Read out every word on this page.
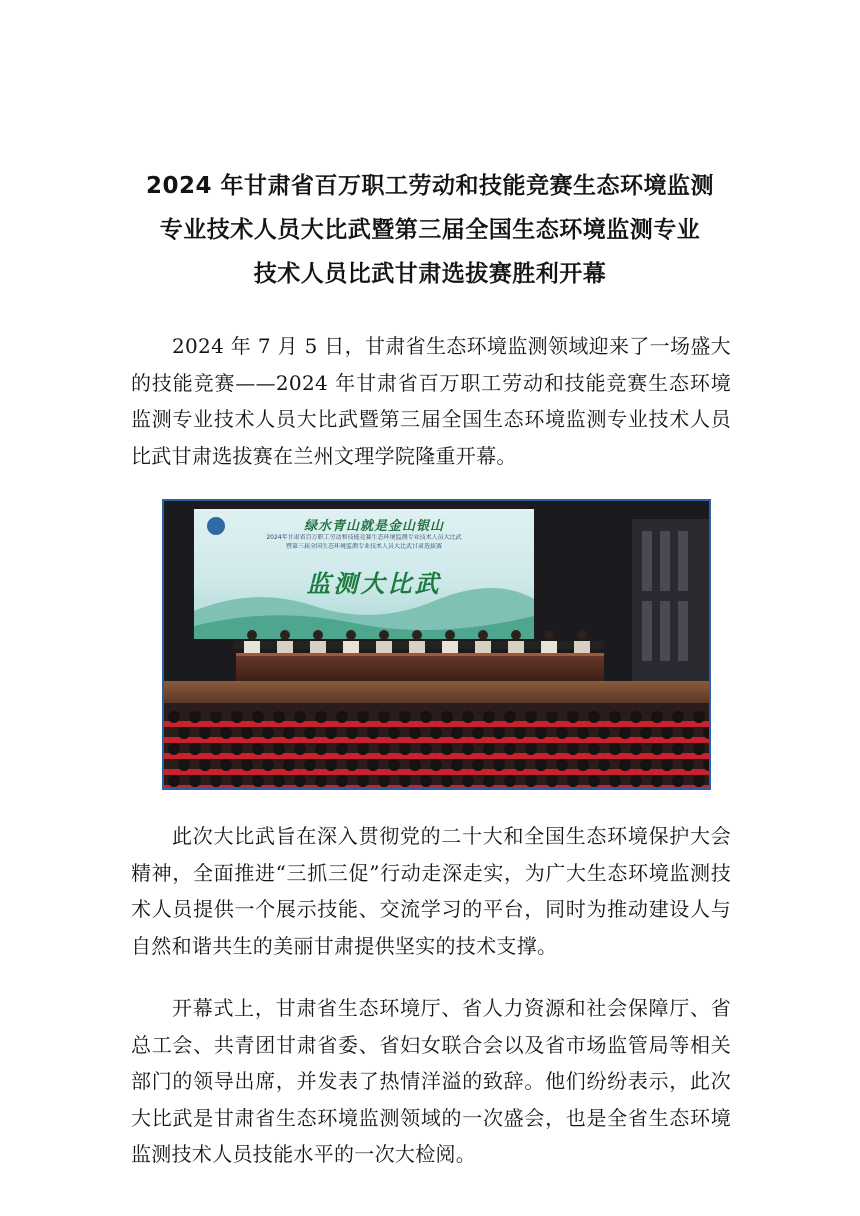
2024 年甘肃省百万职工劳动和技能竞赛生态环境监测
专业技术人员大比武暨第三届全国生态环境监测专业
技术人员比武甘肃选拔赛胜利开幕

2024 年 7 月 5 日，甘肃省生态环境监测领域迎来了一场盛大的技能竞赛——2024 年甘肃省百万职工劳动和技能竞赛生态环境监测专业技术人员大比武暨第三届全国生态环境监测专业技术人员比武甘肃选拔赛在兰州文理学院隆重开幕。

绿水青山就是金山银山
2024年甘肃省百万职工劳动和技能竞赛生态环境监测专业技术人员大比武
暨第三届全国生态环境监测专业技术人员大比武甘肃选拔赛
监测大比武

此次大比武旨在深入贯彻党的二十大和全国生态环境保护大会精神，全面推进“三抓三促”行动走深走实，为广大生态环境监测技术人员提供一个展示技能、交流学习的平台，同时为推动建设人与自然和谐共生的美丽甘肃提供坚实的技术支撑。

开幕式上，甘肃省生态环境厅、省人力资源和社会保障厅、省总工会、共青团甘肃省委、省妇女联合会以及省市场监管局等相关部门的领导出席，并发表了热情洋溢的致辞。他们纷纷表示，此次大比武是甘肃省生态环境监测领域的一次盛会，也是全省生态环境监测技术人员技能水平的一次大检阅。
